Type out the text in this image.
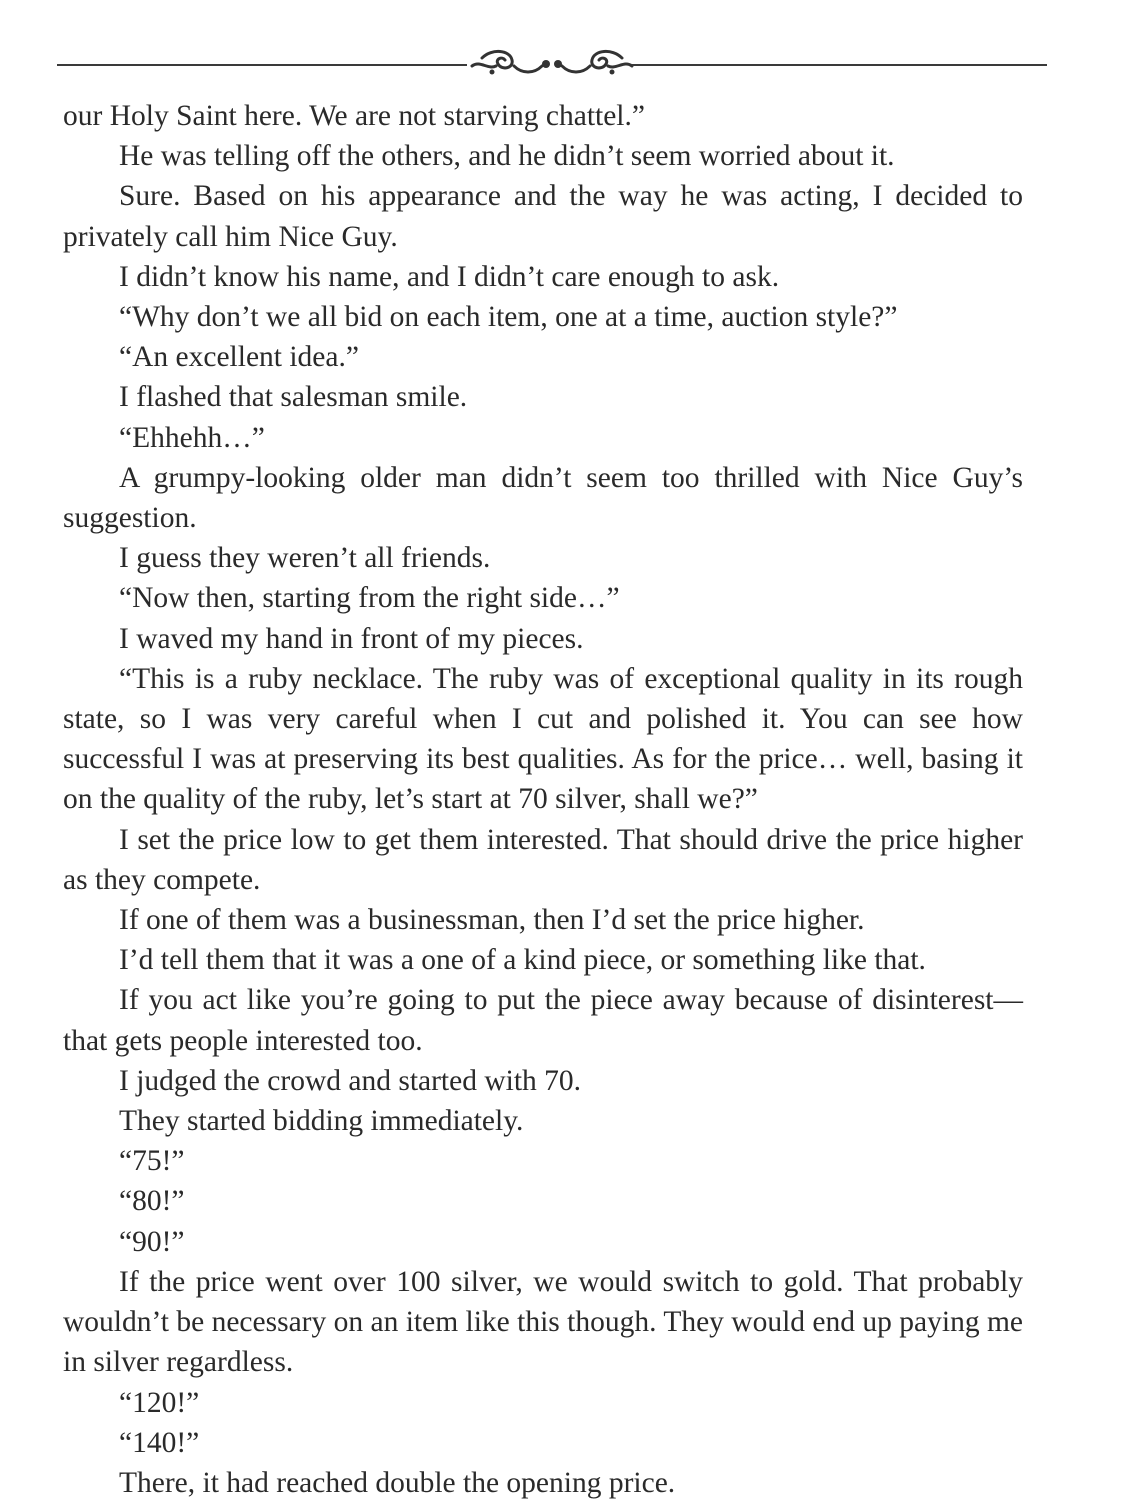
our Holy Saint here. We are not starving chattel.”

He was telling off the others, and he didn’t seem worried about it.

Sure. Based on his appearance and the way he was acting, I decided to privately call him Nice Guy.

I didn’t know his name, and I didn’t care enough to ask.

“Why don’t we all bid on each item, one at a time, auction style?”

“An excellent idea.”

I flashed that salesman smile.

“Ehhehh…”

A grumpy-looking older man didn’t seem too thrilled with Nice Guy’s suggestion.

I guess they weren’t all friends.

“Now then, starting from the right side…”

I waved my hand in front of my pieces.

“This is a ruby necklace. The ruby was of exceptional quality in its rough state, so I was very careful when I cut and polished it. You can see how successful I was at preserving its best qualities. As for the price… well, basing it on the quality of the ruby, let’s start at 70 silver, shall we?”

I set the price low to get them interested. That should drive the price higher as they compete.

If one of them was a businessman, then I’d set the price higher.

I’d tell them that it was a one of a kind piece, or something like that.

If you act like you’re going to put the piece away because of disinterest—that gets people interested too.

I judged the crowd and started with 70.

They started bidding immediately.

“75!”

“80!”

“90!”

If the price went over 100 silver, we would switch to gold. That probably wouldn’t be necessary on an item like this though. They would end up paying me in silver regardless.

“120!”

“140!”

There, it had reached double the opening price.
